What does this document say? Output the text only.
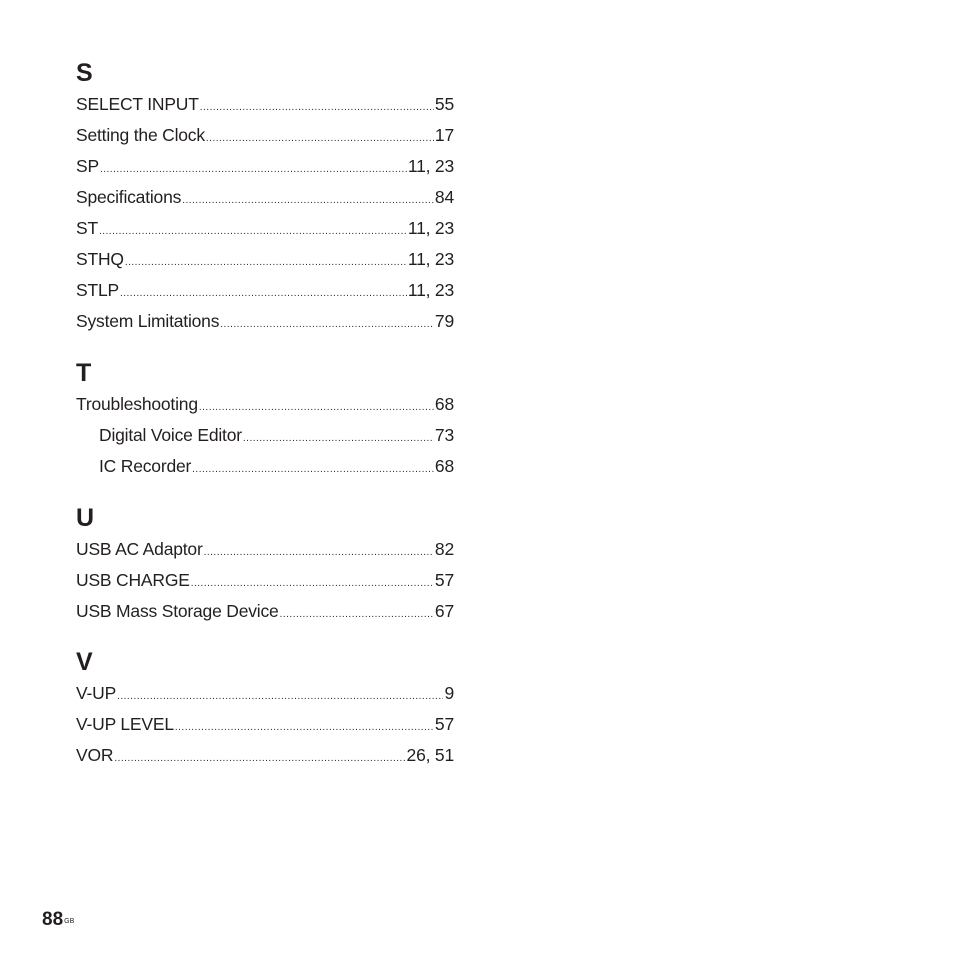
S
SELECT INPUT .....	55
Setting the Clock .....	17
SP .....	11, 23
Specifications .....	84
ST .....	11, 23
STHQ .....	11, 23
STLP .....	11, 23
System Limitations .....	79
T
Troubleshooting .....	68
Digital Voice Editor .....	73
IC Recorder .....	68
U
USB AC Adaptor .....	82
USB CHARGE .....	57
USB Mass Storage Device .....	67
V
V-UP .....	9
V-UP LEVEL .....	57
VOR .....	26, 51
$88^{GB}$
